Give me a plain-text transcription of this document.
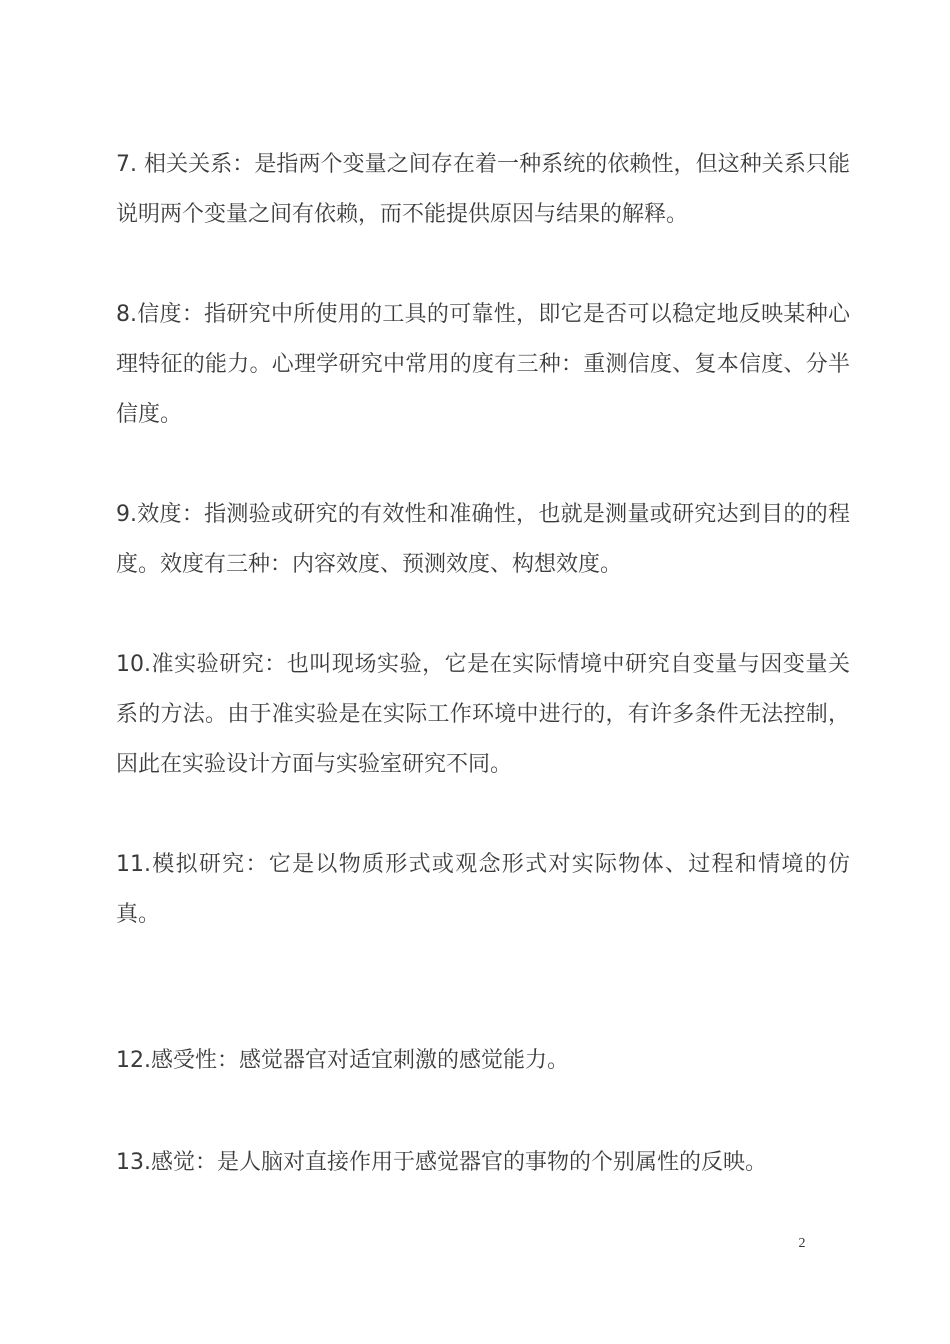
7. 相关关系：是指两个变量之间存在着一种系统的依赖性，但这种关系只能说明两个变量之间有依赖，而不能提供原因与结果的解释。

8.信度：指研究中所使用的工具的可靠性，即它是否可以稳定地反映某种心理特征的能力。心理学研究中常用的度有三种：重测信度、复本信度、分半信度。

9.效度：指测验或研究的有效性和准确性，也就是测量或研究达到目的的程度。效度有三种：内容效度、预测效度、构想效度。

10.准实验研究：也叫现场实验，它是在实际情境中研究自变量与因变量关系的方法。由于准实验是在实际工作环境中进行的，有许多条件无法控制，因此在实验设计方面与实验室研究不同。

11.模拟研究：它是以物质形式或观念形式对实际物体、过程和情境的仿真。

12.感受性：感觉器官对适宜刺激的感觉能力。

13.感觉：是人脑对直接作用于感觉器官的事物的个别属性的反映。

2
